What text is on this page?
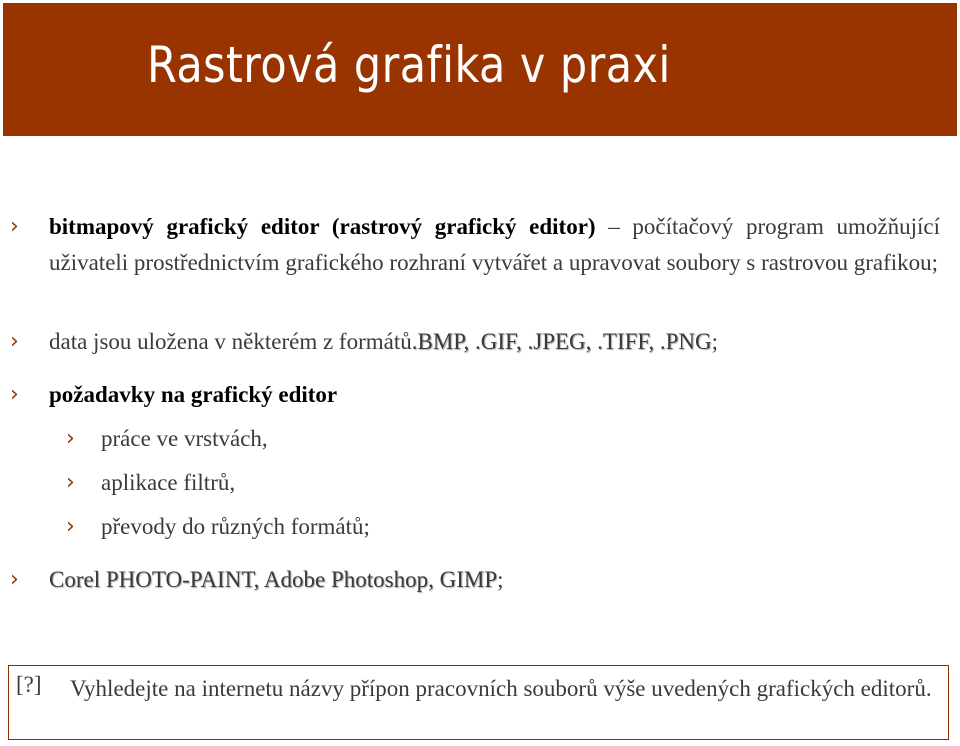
Rastrová grafika v praxi
› bitmapový grafický editor (rastrový grafický editor) – počítačový program umožňující uživateli prostřednictvím grafického rozhraní vytvářet a upravovat soubory s rastrovou grafikou;
› data jsou uložena v některém z formátů.BMP, .GIF, .JPEG, .TIFF, .PNG;
› požadavky na grafický editor
› práce ve vrstvách,
› aplikace filtrů,
› převody do různých formátů;
› Corel PHOTO-PAINT, Adobe Photoshop, GIMP;
[?] Vyhledejte na internetu názvy přípon pracovních souborů výše uvedených grafických editorů.
